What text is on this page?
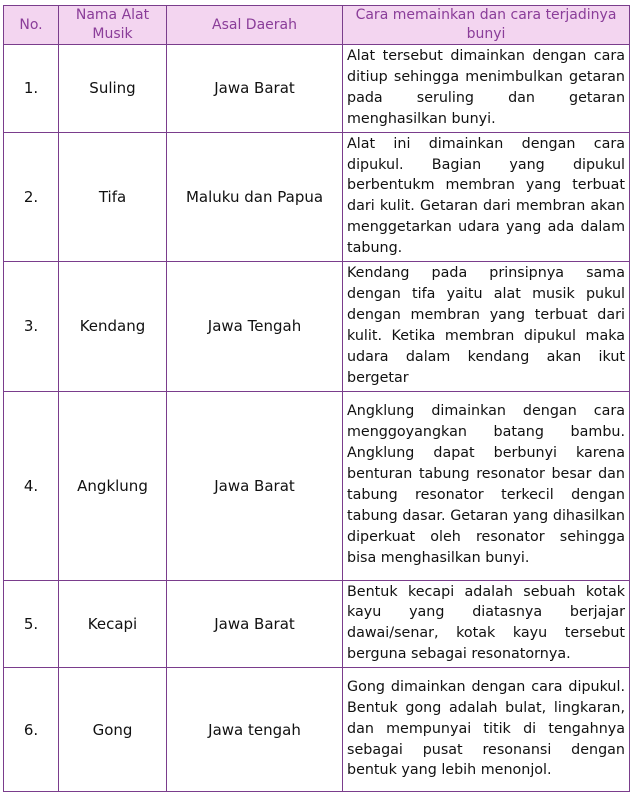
No.	Nama Alat Musik	Asal Daerah	Cara memainkan dan cara terjadinya bunyi
1.	Suling	Jawa Barat	Alat tersebut dimainkan dengan cara ditiup sehingga menimbulkan getaran pada seruling dan getaran menghasilkan bunyi.
2.	Tifa	Maluku dan Papua	Alat ini dimainkan dengan cara dipukul. Bagian yang dipukul berbentukm membran yang terbuat dari kulit. Getaran dari membran akan menggetarkan udara yang ada dalam tabung.
3.	Kendang	Jawa Tengah	Kendang pada prinsipnya sama dengan tifa yaitu alat musik pukul dengan membran yang terbuat dari kulit. Ketika membran dipukul maka udara dalam kendang akan ikut bergetar
4.	Angklung	Jawa Barat	Angklung dimainkan dengan cara menggoyangkan batang bambu. Angklung dapat berbunyi karena benturan tabung resonator besar dan tabung resonator terkecil dengan tabung dasar. Getaran yang dihasilkan diperkuat oleh resonator sehingga bisa menghasilkan bunyi.
5.	Kecapi	Jawa Barat	Bentuk kecapi adalah sebuah kotak kayu yang diatasnya berjajar dawai/senar, kotak kayu tersebut berguna sebagai resonatornya.
6.	Gong	Jawa tengah	Gong dimainkan dengan cara dipukul. Bentuk gong adalah bulat, lingkaran, dan mempunyai titik di tengahnya sebagai pusat resonansi dengan bentuk yang lebih menonjol.
